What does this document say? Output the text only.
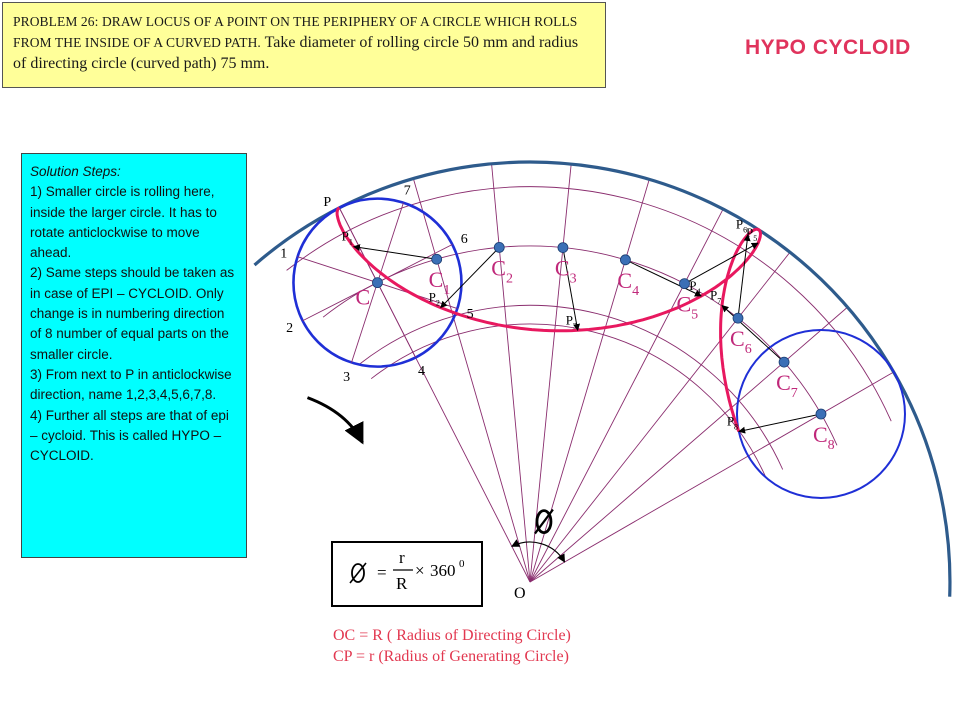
PROBLEM 26: DRAW LOCUS OF A POINT ON THE PERIPHERY OF A CIRCLE WHICH ROLLS FROM THE INSIDE OF A CURVED PATH. Take diameter of rolling circle 50 mm and radius of directing circle (curved path) 75 mm.
HYPO CYCLOID
Solution Steps:
1) Smaller circle is rolling here, inside the larger circle. It has to rotate anticlockwise to move ahead.
2) Same steps should be taken as in case of EPI – CYCLOID. Only change is in numbering direction of 8 number of equal parts on the smaller circle.
3) From next to P in anticlockwise direction, name 1,2,3,4,5,6,7,8.
4) Further all steps are that of epi – cycloid. This is called HYPO – CYCLOID.
=
r
R
× 360 0
OC = R ( Radius of Directing Circle)
CP = r (Radius of Generating Circle)
O
P
C
$C_1$
$C_2$ $C_3$ $C_4$
$C_5$
$C_6$
$C_7$
$C_8$
1
2
3	4
5
6
7
$P_1$
$P_2$
$P_3$
$P_4$
$P_5$
$P_6$
$P_7$
$P_8$
